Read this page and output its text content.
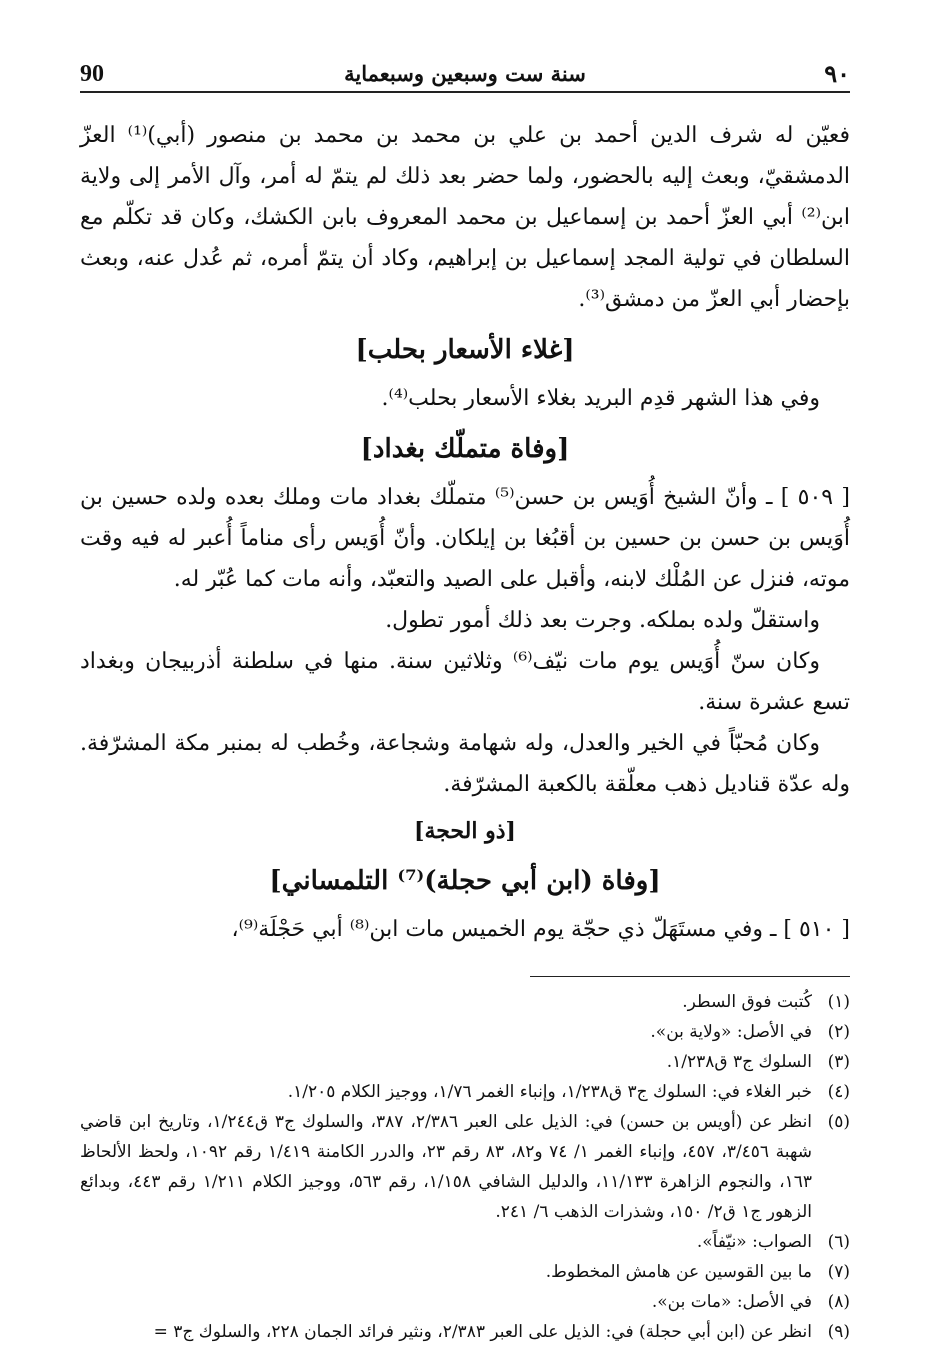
٩٠
سنة ست وسبعين وسبعماية
90

فعيّن له شرف الدين أحمد بن علي بن محمد بن محمد بن منصور (أبي)⁽¹⁾ العزّ الدمشقيّ، وبعث إليه بالحضور، ولما حضر بعد ذلك لم يتمّ له أمر، وآل الأمر إلى ولاية ابن⁽²⁾ أبي العزّ أحمد بن إسماعيل بن محمد المعروف بابن الكشك، وكان قد تكلّم مع السلطان في تولية المجد إسماعيل بن إبراهيم، وكاد أن يتمّ أمره، ثم عُدل عنه، وبعث بإحضار أبي العزّ من دمشق⁽³⁾.

[غلاء الأسعار بحلب]

وفي هذا الشهر قدِم البريد بغلاء الأسعار بحلب⁽⁴⁾.

[وفاة متملّك بغداد]

[ ٥٠٩ ] ـ وأنّ الشيخ أُوَيس بن حسن⁽⁵⁾ متملّك بغداد مات وملك بعده ولده حسين بن أُوَيس بن حسن بن حسين بن أقبُغا بن إيلكان. وأنّ أُوَيس رأى مناماً أُعبر له فيه وقت موته، فنزل عن المُلْك لابنه، وأقبل على الصيد والتعبّد، وأنه مات كما عُبّر له.

واستقلّ ولده بملكه. وجرت بعد ذلك أمور تطول.

وكان سنّ أُوَيس يوم مات نيّف⁽⁶⁾ وثلاثين سنة. منها في سلطنة أذربيجان وبغداد تسع عشرة سنة.

وكان مُحبّاً في الخير والعدل، وله شهامة وشجاعة، وخُطب له بمنبر مكة المشرّفة. وله عدّة قناديل ذهب معلّقة بالكعبة المشرّفة.

[ذو الحجة]
[وفاة (ابن أبي حجلة)⁽⁷⁾ التلمساني]

[ ٥١٠ ] ـ وفي مستَهَلّ ذي حجّة يوم الخميس مات ابن⁽⁸⁾ أبي حَجْلَة⁽⁹⁾،

(١)
كُتبت فوق السطر.
(٢)
في الأصل: «ولاية بن».
(٣)
السلوك ج٣ ق١/٢٣٨.
(٤)
خبر الغلاء في: السلوك ج٣ ق١/٢٣٨، وإنباء الغمر ١/٧٦، ووجيز الكلام ١/٢٠٥.
(٥)
انظر عن (أويس بن حسن) في: الذيل على العبر ٢/٣٨٦، ٣٨٧، والسلوك ج٣ ق١/٢٤٤، وتاريخ ابن قاضي شهبة ٣/٤٥٦، ٤٥٧، وإنباء الغمر ١/ ٧٤ و٨٢، ٨٣ رقم ٢٣، والدرر الكامنة ١/٤١٩ رقم ١٠٩٢، ولحظ الألحاظ ١٦٣، والنجوم الزاهرة ١١/١٣٣، والدليل الشافي ١/١٥٨، رقم ٥٦٣، ووجيز الكلام ١/٢١١ رقم ٤٤٣، وبدائع الزهور ج١ ق٢/ ١٥٠، وشذرات الذهب ٦/ ٢٤١.
(٦)
الصواب: «نيّفاً».
(٧)
ما بين القوسين عن هامش المخطوط.
(٨)
في الأصل: «مات بن».
(٩)
انظر عن (ابن أبي حجلة) في: الذيل على العبر ٢/٣٨٣، ونثير فرائد الجمان ٢٢٨، والسلوك ج٣ =
